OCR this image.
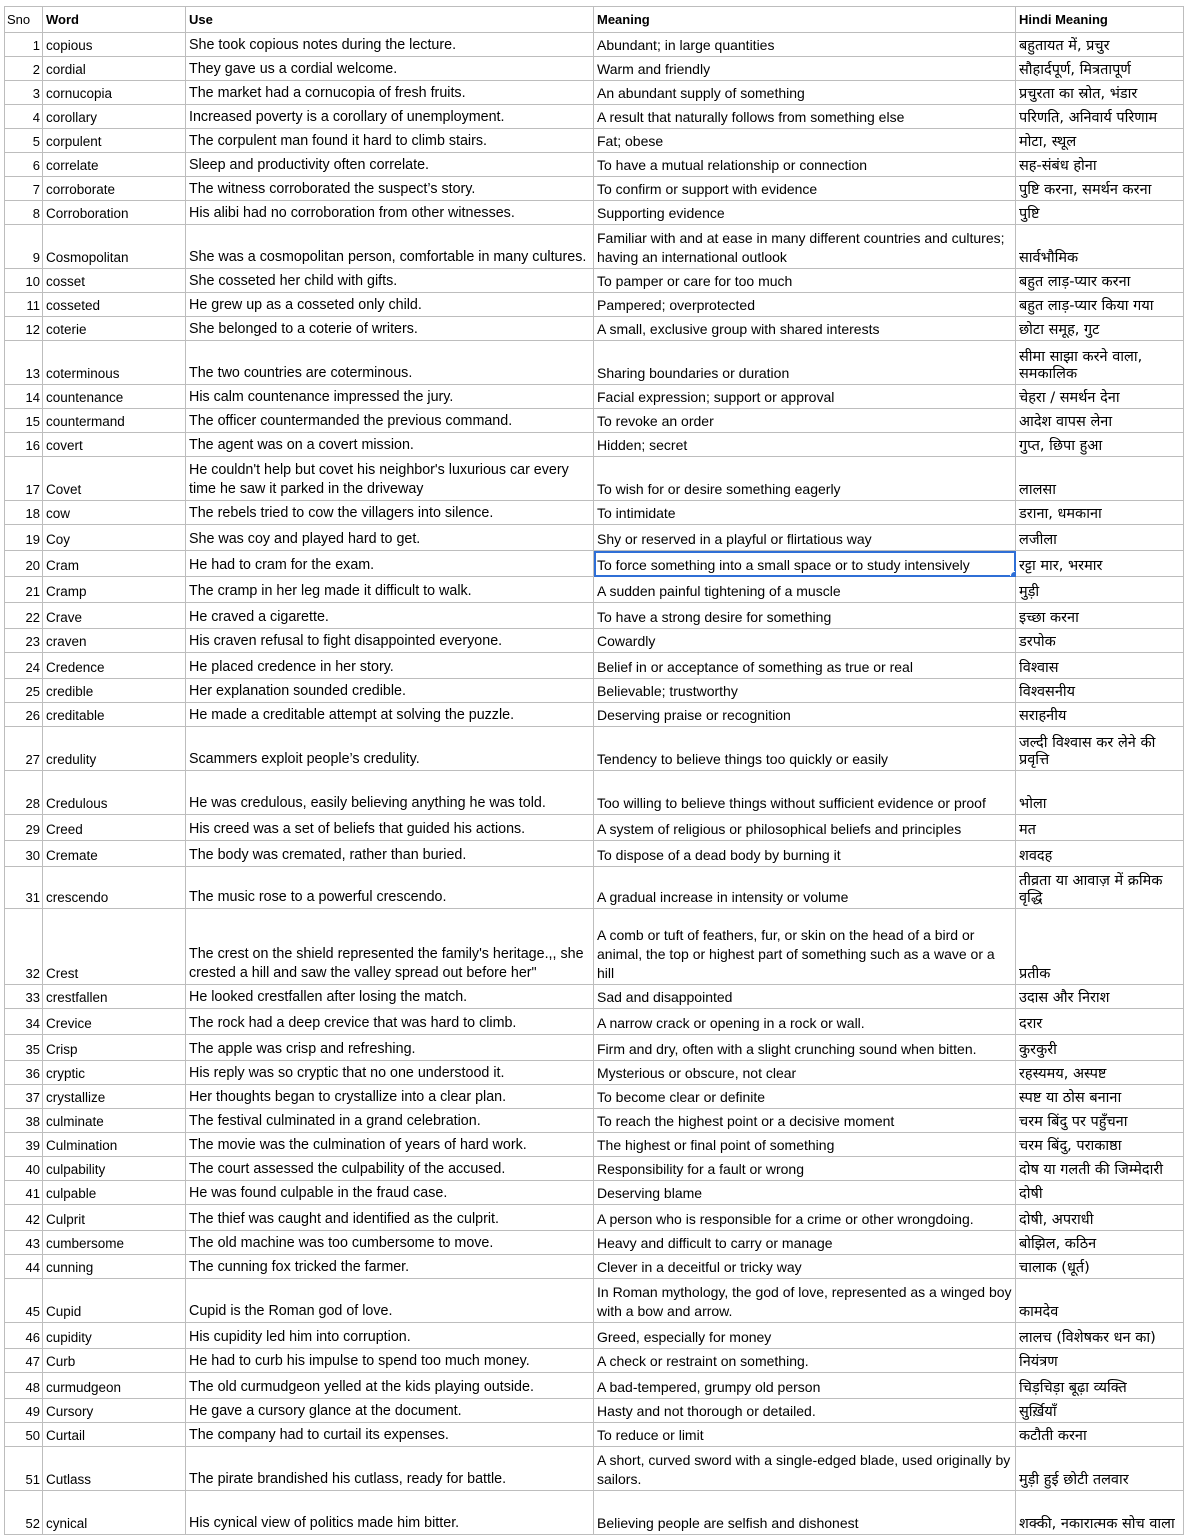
Sno	Word	Use	Meaning	Hindi Meaning
1	copious	She took copious notes during the lecture.	Abundant; in large quantities	बहुतायत में, प्रचुर
2	cordial	They gave us a cordial welcome.	Warm and friendly	सौहार्दपूर्ण, मित्रतापूर्ण
3	cornucopia	The market had a cornucopia of fresh fruits.	An abundant supply of something	प्रचुरता का स्रोत, भंडार
4	corollary	Increased poverty is a corollary of unemployment.	A result that naturally follows from something else	परिणति, अनिवार्य परिणाम
5	corpulent	The corpulent man found it hard to climb stairs.	Fat; obese	मोटा, स्थूल
6	correlate	Sleep and productivity often correlate.	To have a mutual relationship or connection	सह-संबंध होना
7	corroborate	The witness corroborated the suspect’s story.	To confirm or support with evidence	पुष्टि करना, समर्थन करना
8	Corroboration	His alibi had no corroboration from other witnesses.	Supporting evidence	पुष्टि
9	Cosmopolitan	She was a cosmopolitan person, comfortable in many cultures.	Familiar with and at ease in many different countries and cultures; having an international outlook	सार्वभौमिक
10	cosset	She cosseted her child with gifts.	To pamper or care for too much	बहुत लाड़-प्यार करना
11	cosseted	He grew up as a cosseted only child.	Pampered; overprotected	बहुत लाड़-प्यार किया गया
12	coterie	She belonged to a coterie of writers.	A small, exclusive group with shared interests	छोटा समूह, गुट
13	coterminous	The two countries are coterminous.	Sharing boundaries or duration	सीमा साझा करने वाला, समकालिक
14	countenance	His calm countenance impressed the jury.	Facial expression; support or approval	चेहरा / समर्थन देना
15	countermand	The officer countermanded the previous command.	To revoke an order	आदेश वापस लेना
16	covert	The agent was on a covert mission.	Hidden; secret	गुप्त, छिपा हुआ
17	Covet	He couldn't help but covet his neighbor's luxurious car every time he saw it parked in the driveway	To wish for or desire something eagerly	लालसा
18	cow	The rebels tried to cow the villagers into silence.	To intimidate	डराना, धमकाना
19	Coy	She was coy and played hard to get.	Shy or reserved in a playful or flirtatious way	लजीला
20	Cram	He had to cram for the exam.	To force something into a small space or to study intensively	रट्टा मार, भरमार
21	Cramp	The cramp in her leg made it difficult to walk.	A sudden painful tightening of a muscle	मुड़ी
22	Crave	He craved a cigarette.	To have a strong desire for something	इच्छा करना
23	craven	His craven refusal to fight disappointed everyone.	Cowardly	डरपोक
24	Credence	He placed credence in her story.	Belief in or acceptance of something as true or real	विश्वास
25	credible	Her explanation sounded credible.	Believable; trustworthy	विश्वसनीय
26	creditable	He made a creditable attempt at solving the puzzle.	Deserving praise or recognition	सराहनीय
27	credulity	Scammers exploit people’s credulity.	Tendency to believe things too quickly or easily	जल्दी विश्वास कर लेने की प्रवृत्ति
28	Credulous	He was credulous, easily believing anything he was told.	Too willing to believe things without sufficient evidence or proof	भोला
29	Creed	His creed was a set of beliefs that guided his actions.	A system of religious or philosophical beliefs and principles	मत
30	Cremate	The body was cremated, rather than buried.	To dispose of a dead body by burning it	शवदह
31	crescendo	The music rose to a powerful crescendo.	A gradual increase in intensity or volume	तीव्रता या आवाज़ में क्रमिक वृद्धि
32	Crest	The crest on the shield represented the family's heritage.,, she crested a hill and saw the valley spread out before her"	A comb or tuft of feathers, fur, or skin on the head of a bird or animal, the top or highest part of something such as a wave or a hill	प्रतीक
33	crestfallen	He looked crestfallen after losing the match.	Sad and disappointed	उदास और निराश
34	Crevice	The rock had a deep crevice that was hard to climb.	A narrow crack or opening in a rock or wall.	दरार
35	Crisp	The apple was crisp and refreshing.	Firm and dry, often with a slight crunching sound when bitten.	कुरकुरी
36	cryptic	His reply was so cryptic that no one understood it.	Mysterious or obscure, not clear	रहस्यमय, अस्पष्ट
37	crystallize	Her thoughts began to crystallize into a clear plan.	To become clear or definite	स्पष्ट या ठोस बनाना
38	culminate	The festival culminated in a grand celebration.	To reach the highest point or a decisive moment	चरम बिंदु पर पहुँचना
39	Culmination	The movie was the culmination of years of hard work.	The highest or final point of something	चरम बिंदु, पराकाष्ठा
40	culpability	The court assessed the culpability of the accused.	Responsibility for a fault or wrong	दोष या गलती की जिम्मेदारी
41	culpable	He was found culpable in the fraud case.	Deserving blame	दोषी
42	Culprit	The thief was caught and identified as the culprit.	A person who is responsible for a crime or other wrongdoing.	दोषी, अपराधी
43	cumbersome	The old machine was too cumbersome to move.	Heavy and difficult to carry or manage	बोझिल, कठिन
44	cunning	The cunning fox tricked the farmer.	Clever in a deceitful or tricky way	चालाक (धूर्त)
45	Cupid	Cupid is the Roman god of love.	In Roman mythology, the god of love, represented as a winged boy with a bow and arrow.	कामदेव
46	cupidity	His cupidity led him into corruption.	Greed, especially for money	लालच (विशेषकर धन का)
47	Curb	He had to curb his impulse to spend too much money.	A check or restraint on something.	नियंत्रण
48	curmudgeon	The old curmudgeon yelled at the kids playing outside.	A bad-tempered, grumpy old person	चिड़चिड़ा बूढ़ा व्यक्ति
49	Cursory	He gave a cursory glance at the document.	Hasty and not thorough or detailed.	सुर्ख़ियाँ
50	Curtail	The company had to curtail its expenses.	To reduce or limit	कटौती करना
51	Cutlass	The pirate brandished his cutlass, ready for battle.	A short, curved sword with a single-edged blade, used originally by sailors.	मुड़ी हुई छोटी तलवार
52	cynical	His cynical view of politics made him bitter.	Believing people are selfish and dishonest	शक्की, नकारात्मक सोच वाला
